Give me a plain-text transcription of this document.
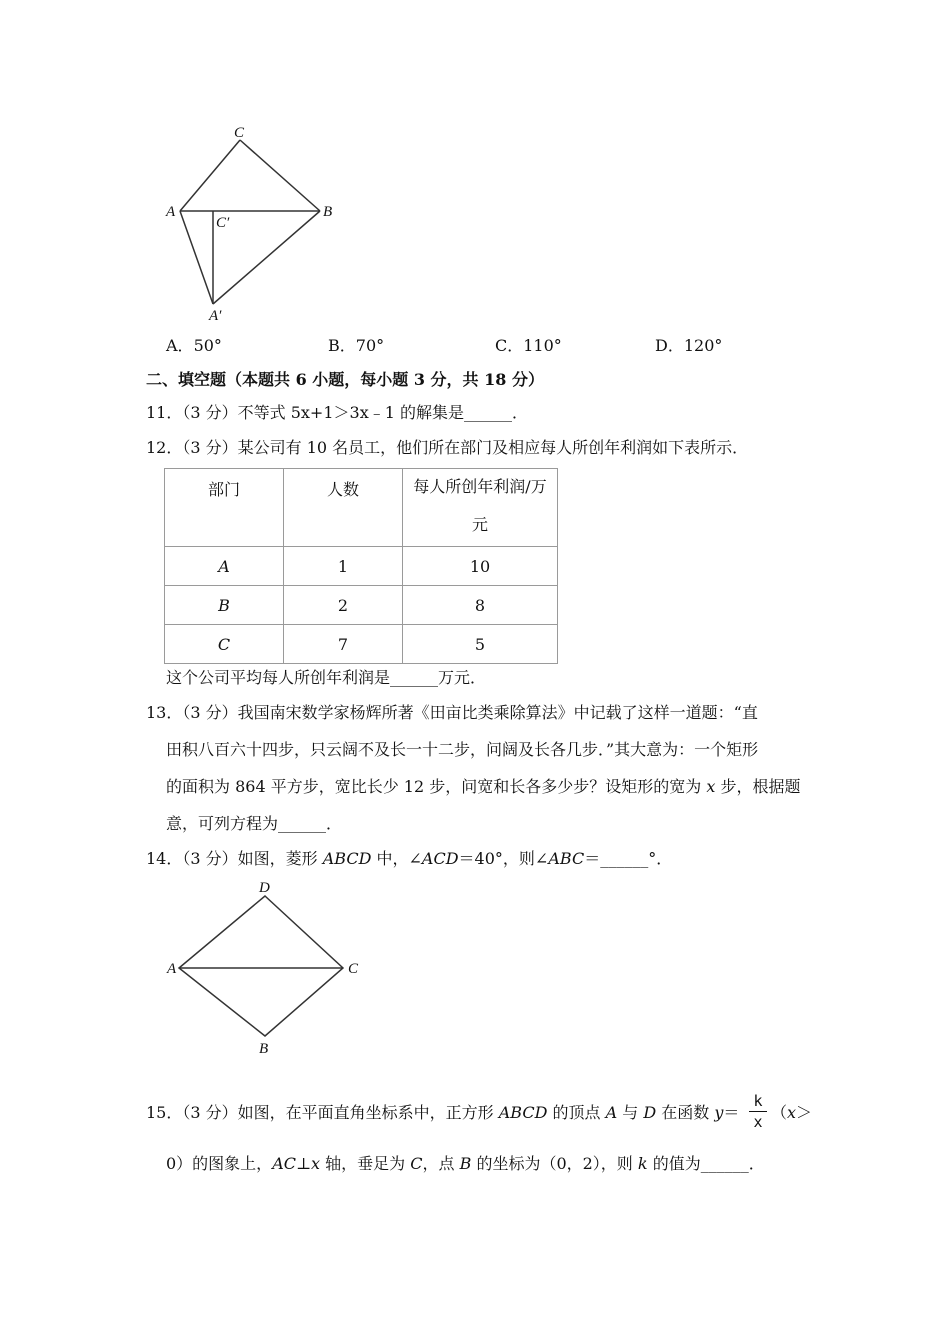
C
A
C′
B
A′
A．50°	B．70°	C．110°	D．120°
二、填空题（本题共 6 小题，每小题 3 分，共 18 分）
11．（3 分）不等式 5x+1＞3x﹣1 的解集是______．
12．（3 分）某公司有 10 名员工，他们所在部门及相应每人所创年利润如下表所示．
部门	人数	每人所创年利润/万
元

A	1	10
B	2	8
C	7	5
这个公司平均每人所创年利润是______万元．
13．（3 分）我国南宋数学家杨辉所著《田亩比类乘除算法》中记载了这样一道题：“直
田积八百六十四步，只云阔不及长一十二步，问阔及长各几步．”其大意为：一个矩形
的面积为 864 平方步，宽比长少 12 步，问宽和长各多少步？设矩形的宽为 x 步，根据题
意，可列方程为______．
14．（3 分）如图，菱形 ABCD 中，∠ACD＝40°，则∠ABC＝______°．
D
A	C
B
15．（3 分）如图，在平面直角坐标系中，正方形 ABCD 的顶点 A 与 D 在函数 y＝
k
x （x＞
0）的图象上，AC⊥x 轴，垂足为 C，点 B 的坐标为（0，2），则 k 的值为______．
